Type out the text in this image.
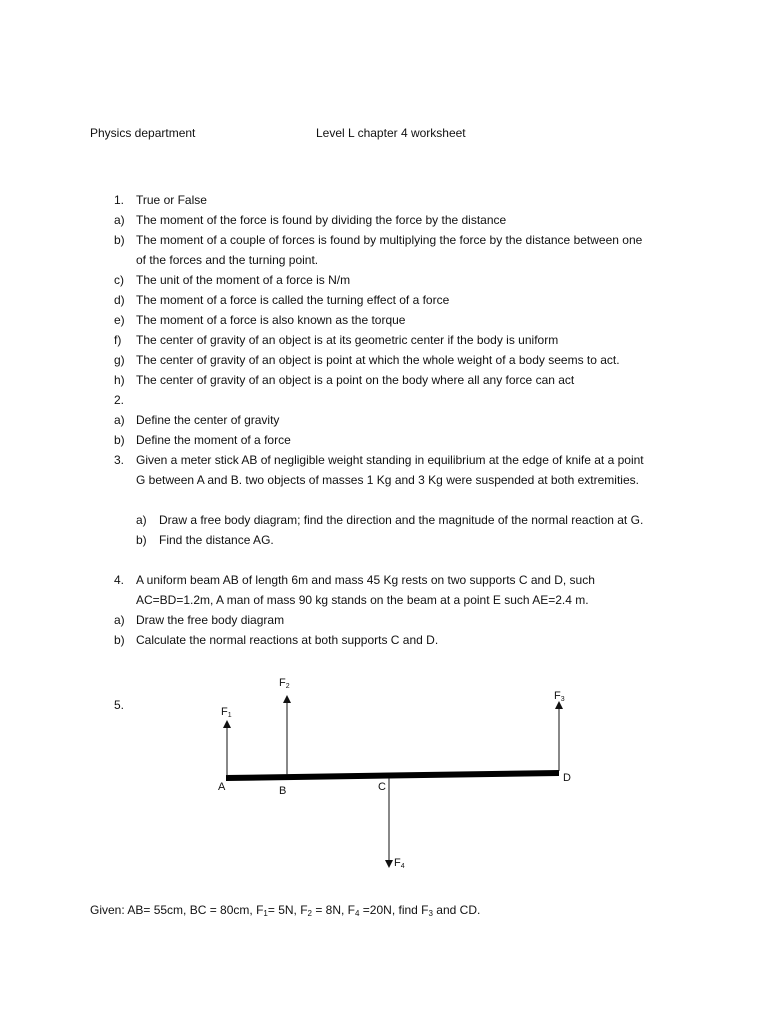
Physics department	Level L chapter 4 worksheet
1. True or False
a) The moment of the force is found by dividing the force by the distance
b) The moment of a couple of forces is found by multiplying the force by the distance between one
of the forces and the turning point.
c)	The unit of the moment of a force is N/m
d) The moment of a force is called the turning effect of a force
e) The moment of a force is also known as the torque
f)	The center of gravity of an object is at its geometric center if the body is uniform
g) The center of gravity of an object is point at which the whole weight of a body seems to act.
h) The center of gravity of an object is a point on the body where all any force can act
2.
a) Define the center of gravity
b) Define the moment of a force
3. Given a meter stick AB of negligible weight standing in equilibrium at the edge of knife at a point
G between A and B. two objects of masses 1 Kg and 3 Kg were suspended at both extremities.
a) Draw a free body diagram; find the direction and the magnitude of the normal reaction at G.
b) Find the distance AG.
4. A uniform beam AB of length 6m and mass 45 Kg rests on two supports C and D, such
AC=BD=1.2m, A man of mass 90 kg stands on the beam at a point E such AE=2.4 m.
a) Draw the free body diagram
b) Calculate the normal reactions at both supports C and D.
5.
A	B	C
D
F1
F2
F3
F4
Given: AB= 55cm, BC = 80cm, $F_1= 5N$, $F_2 = 8N$, $F_4 =20N$, find $F_3$ and CD.
